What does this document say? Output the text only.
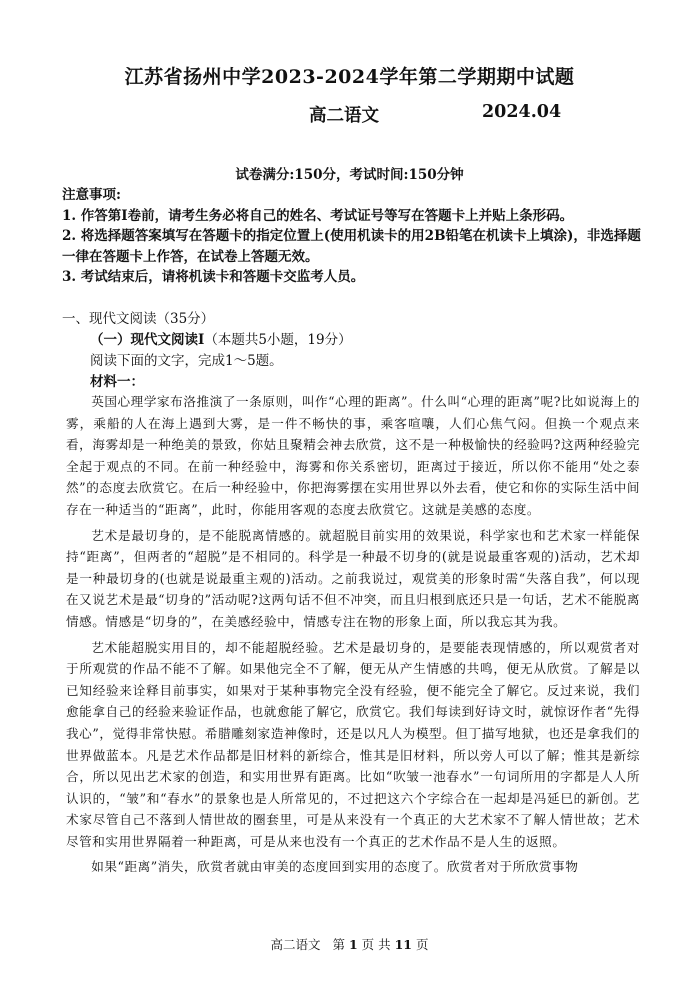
江苏省扬州中学2023-2024学年第二学期期中试题
高二语文	2024.04
试卷满分:150分，考试时间:150分钟

注意事项:

1. 作答第Ⅰ卷前，请考生务必将自己的姓名、考试证号等写在答题卡上并贴上条形码。

2. 将选择题答案填写在答题卡的指定位置上(使用机读卡的用2B铅笔在机读卡上填涂)，非选择题一律在答题卡上作答，在试卷上答题无效。

3. 考试结束后，请将机读卡和答题卡交监考人员。

一、现代文阅读（35分）

（一）现代文阅读Ⅰ（本题共5小题，19分）

阅读下面的文字，完成1～5题。

材料一：

英国心理学家布洛推演了一条原则，叫作“心理的距离”。什么叫“心理的距离”呢?比如说海上的雾，乘船的人在海上遇到大雾，是一件不畅快的事，乘客喧嚷，人们心焦气闷。但换一个观点来看，海雾却是一种绝美的景致，你姑且聚精会神去欣赏，这不是一种极愉快的经验吗?这两种经验完全起于观点的不同。在前一种经验中，海雾和你关系密切，距离过于接近，所以你不能用“处之泰然”的态度去欣赏它。在后一种经验中，你把海雾摆在实用世界以外去看，使它和你的实际生活中间存在一种适当的“距离”，此时，你能用客观的态度去欣赏它。这就是美感的态度。

艺术是最切身的，是不能脱离情感的。就超脱目前实用的效果说，科学家也和艺术家一样能保持“距离”，但两者的“超脱”是不相同的。科学是一种最不切身的(就是说最重客观的)活动，艺术却是一种最切身的(也就是说最重主观的)活动。之前我说过，观赏美的形象时需“失落自我”，何以现在又说艺术是最“切身的”活动呢?这两句话不但不冲突，而且归根到底还只是一句话，艺术不能脱离情感。情感是“切身的”，在美感经验中，情感专注在物的形象上面，所以我忘其为我。

艺术能超脱实用目的，却不能超脱经验。艺术是最切身的，是要能表现情感的，所以观赏者对于所观赏的作品不能不了解。如果他完全不了解，便无从产生情感的共鸣，便无从欣赏。了解是以已知经验来诠释目前事实，如果对于某种事物完全没有经验，便不能完全了解它。反过来说，我们愈能拿自己的经验来验证作品，也就愈能了解它，欣赏它。我们每读到好诗文时，就惊讶作者“先得我心”，觉得非常快慰。希腊雕刻家造神像时，还是以凡人为模型。但丁描写地狱，也还是拿我们的世界做蓝本。凡是艺术作品都是旧材料的新综合，惟其是旧材料，所以旁人可以了解；惟其是新综合，所以见出艺术家的创造，和实用世界有距离。比如“吹皱一池春水”一句词所用的字都是人人所认识的，“皱”和“春水”的景象也是人所常见的，不过把这六个字综合在一起却是冯延巳的新创。艺术家尽管自己不落到人情世故的圈套里，可是从来没有一个真正的大艺术家不了解人情世故；艺术尽管和实用世界隔着一种距离，可是从来也没有一个真正的艺术作品不是人生的返照。

如果“距离”消失，欣赏者就由审美的态度回到实用的态度了。欣赏者对于所欣赏事物

高二语文 第 1 页 共 11 页
